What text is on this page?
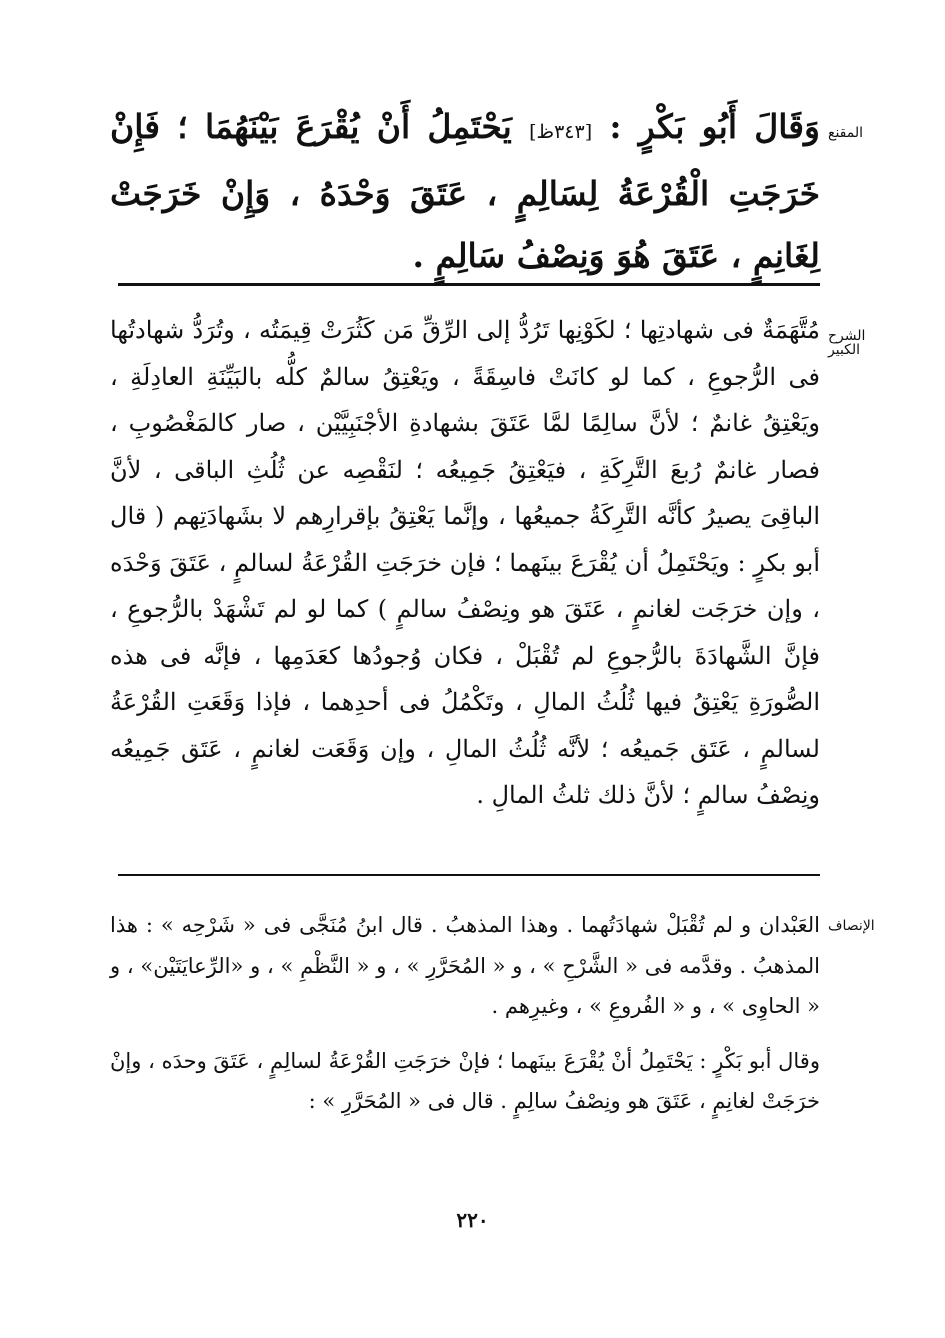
المقنع

وَقَالَ أَبُو بَكْرٍ : [٣٤٣ظ] يَحْتَمِلُ أَنْ يُقْرَعَ بَيْنَهُمَا ؛ فَإِنْ خَرَجَتِ الْقُرْعَةُ لِسَالِمٍ ، عَتَقَ وَحْدَهُ ، وَإِنْ خَرَجَتْ لِغَانِمٍ ، عَتَقَ هُوَ وَنِصْفُ سَالِمٍ .

الشرح الكبير

مُتَّهَمَةٌ فى شهادتِها ؛ لكَوْنِها تَرُدُّ إلى الرِّقِّ مَن كَثُرَتْ قِيمَتُه ، وتُرَدُّ شهادتُها فى الرُّجوعِ ، كما لو كانَتْ فاسِقَةً ، ويَعْتِقُ سالمٌ كلُّه بالبَيِّنَةِ العادِلَةِ ، ويَعْتِقُ غانمٌ ؛ لأنَّ سالِمًا لمَّا عَتَقَ بشهادةِ الأجْنَبِيَّيْن ، صار كالمَغْصُوبِ ، فصار غانمٌ رُبعَ التَّرِكَةِ ، فيَعْتِقُ جَمِيعُه ؛ لنَقْصِه عن ثُلُثِ الباقى ، لأنَّ الباقِىَ يصيرُ كأنَّه التَّرِكَةُ جميعُها ، وإنَّما يَعْتِقُ بإقرارِهم لا بشَهادَتِهم ( قال أبو بكرٍ : ويَحْتَمِلُ أن يُقْرَعَ بينَهما ؛ فإن خرَجَتِ القُرْعَةُ لسالمٍ ، عَتَقَ وَحْدَه ، وإن خرَجَت لغانمٍ ، عَتَقَ هو ونِصْفُ سالمٍ ) كما لو لم تَشْهَدْ بالرُّجوعِ ، فإنَّ الشَّهادَةَ بالرُّجوعِ لم تُقْبَلْ ، فكان وُجودُها كعَدَمِها ، فإنَّه فى هذه الصُّورَةِ يَعْتِقُ فيها ثُلُثُ المالِ ، وتَكْمُلُ فى أحدِهما ، فإذا وَقَعَتِ القُرْعَةُ لسالمٍ ، عَتَق جَميعُه ؛ لأنَّه ثُلُثُ المالِ ، وإن وَقَعَت لغانمٍ ، عَتَق جَمِيعُه ونِصْفُ سالمٍ ؛ لأنَّ ذلك ثلثُ المالِ .

الإنصاف

العَبْدان و لم تُقْبَلْ شهادَتُهما . وهذا المذهبُ . قال ابنُ مُنَجَّى فى « شَرْحِه » : هذا المذهبُ . وقدَّمه فى « الشَّرْحِ » ، و « المُحَرَّرِ » ، و « النَّظْمِ » ، و «الرِّعايَتَيْن» ، و « الحاوِى » ، و « الفُروعِ » ، وغيرِهم .

وقال أبو بَكْرٍ : يَحْتَمِلُ أنْ يُقْرَعَ بينَهما ؛ فإنْ خرَجَتِ القُرْعَةُ لسالِمٍ ، عَتَقَ وحدَه ، وإنْ خرَجَتْ لغانِمٍ ، عَتَقَ هو ونِصْفُ سالِمٍ . قال فى « المُحَرَّرِ » :

٢٢٠
